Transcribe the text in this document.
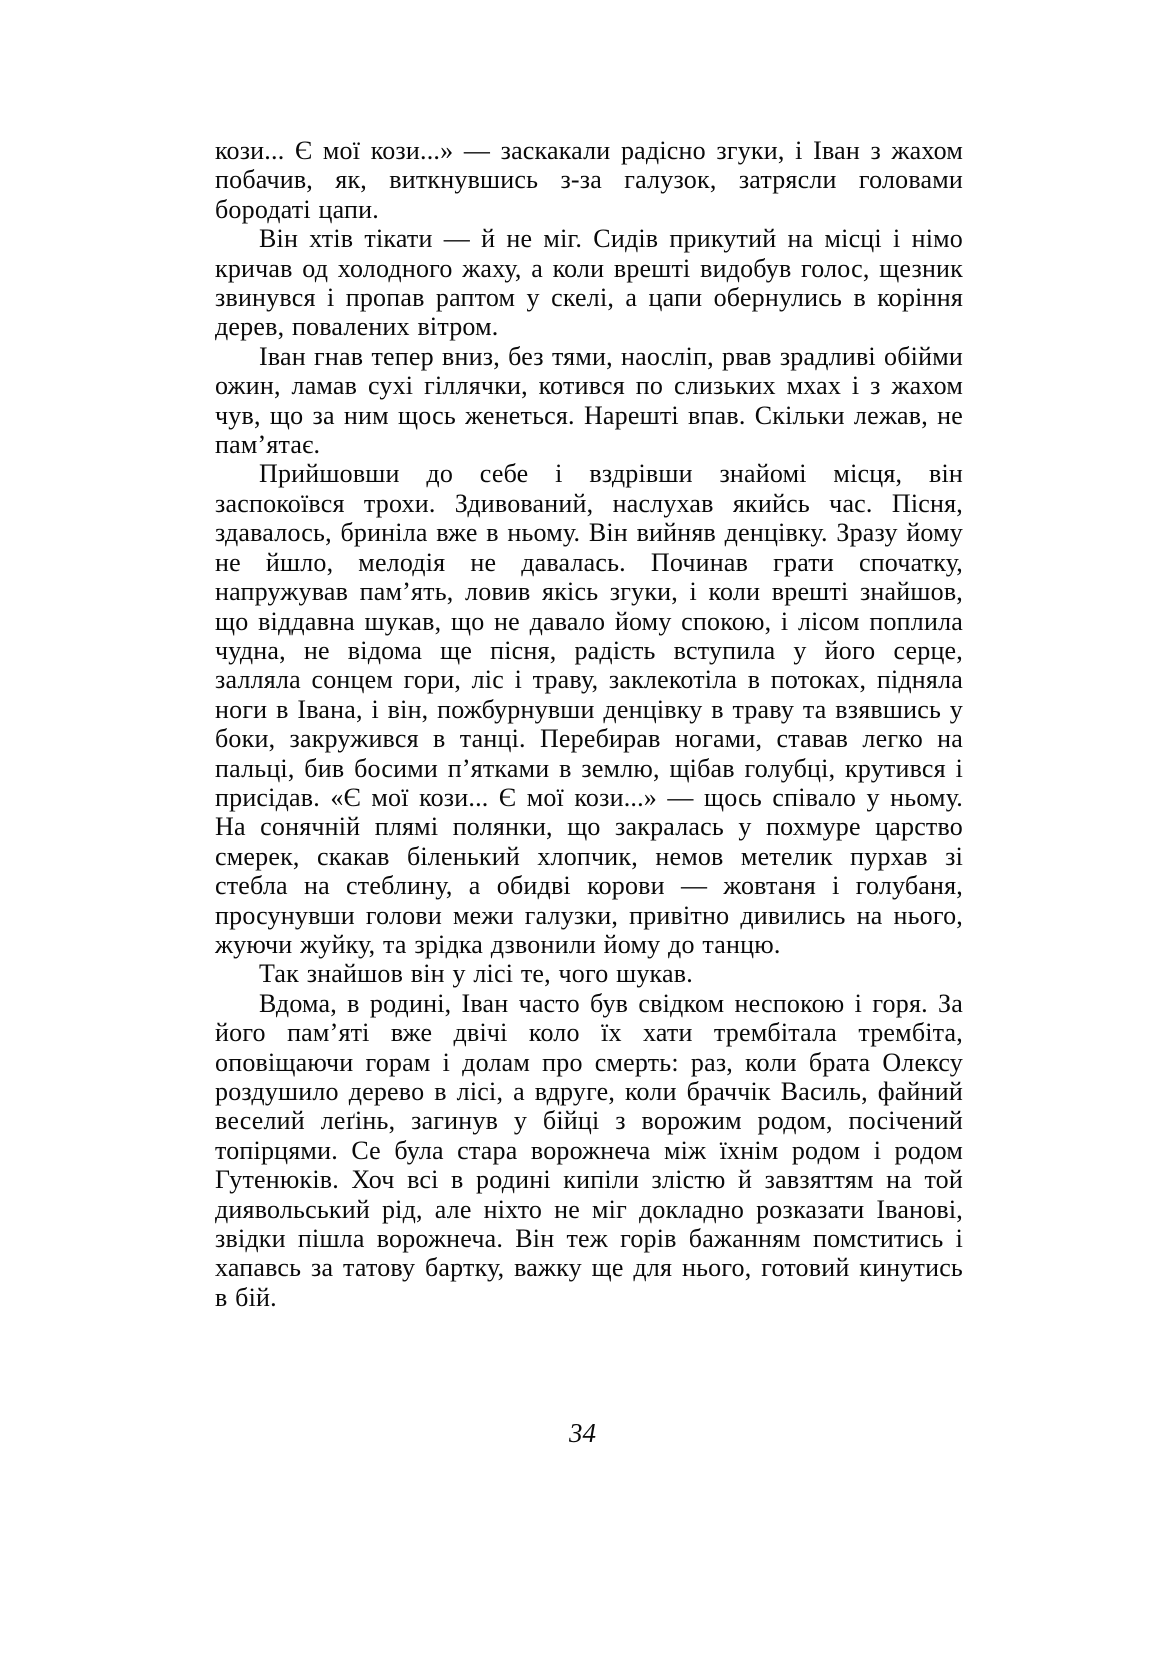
кози... Є мої кози...» — заскакали радісно згуки, і Іван з жахом побачив, як, виткнувшись з-за галузок, затрясли головами бородаті цапи.

Він хтів тікати — й не міг. Сидів прикутий на місці і німо кричав од холодного жаху, а коли врешті видобув голос, щезник звинувся і пропав раптом у скелі, а цапи обернулись в коріння дерев, повалених вітром.

Іван гнав тепер вниз, без тями, наосліп, рвав зрадливі обійми ожин, ламав сухі гіллячки, котився по слизьких мхах і з жахом чув, що за ним щось женеться. Нарешті впав. Скільки лежав, не пам’ятає.

Прийшовши до себе і вздрівши знайомі місця, він заспокоївся трохи. Здивований, наслухав якийсь час. Пісня, здавалось, бриніла вже в ньому. Він вийняв денцівку. Зразу йому не йшло, мелодія не давалась. Починав грати спочатку, напружував пам’ять, ловив якісь згуки, і коли врешті знайшов, що віддавна шукав, що не давало йому спокою, і лісом поплила чудна, не відома ще пісня, радість вступила у його серце, залляла сонцем гори, ліс і траву, заклекотіла в потоках, підняла ноги в Івана, і він, пожбурнувши денцівку в траву та взявшись у боки, закружився в танці. Перебирав ногами, ставав легко на пальці, бив босими п’ятками в землю, щібав голубці, крутився і присідав. «Є мої кози... Є мої кози...» — щось співало у ньому. На сонячній плямі полянки, що закралась у похмуре царство смерек, скакав біленький хлопчик, немов метелик пурхав зі стебла на стеблину, а обидві корови — жовтаня і голубаня, просунувши голови межи галузки, привітно дивились на нього, жуючи жуйку, та зрідка дзвонили йому до танцю.

Так знайшов він у лісі те, чого шукав.

Вдома, в родині, Іван часто був свідком неспокою і горя. За його пам’яті вже двічі коло їх хати трембітала трембіта, оповіщаючи горам і долам про смерть: раз, коли брата Олексу роздушило дерево в лісі, а вдруге, коли браччік Василь, файний веселий леґінь, загинув у бійці з ворожим родом, посічений топірцями. Се була стара ворожнеча між їхнім родом і родом Гутенюків. Хоч всі в родині кипіли злістю й завзяттям на той диявольський рід, але ніхто не міг докладно розказати Іванові, звідки пішла ворожнеча. Він теж горів бажанням помститись і хапавсь за татову бартку, важку ще для нього, готовий кинутись в бій.

34
